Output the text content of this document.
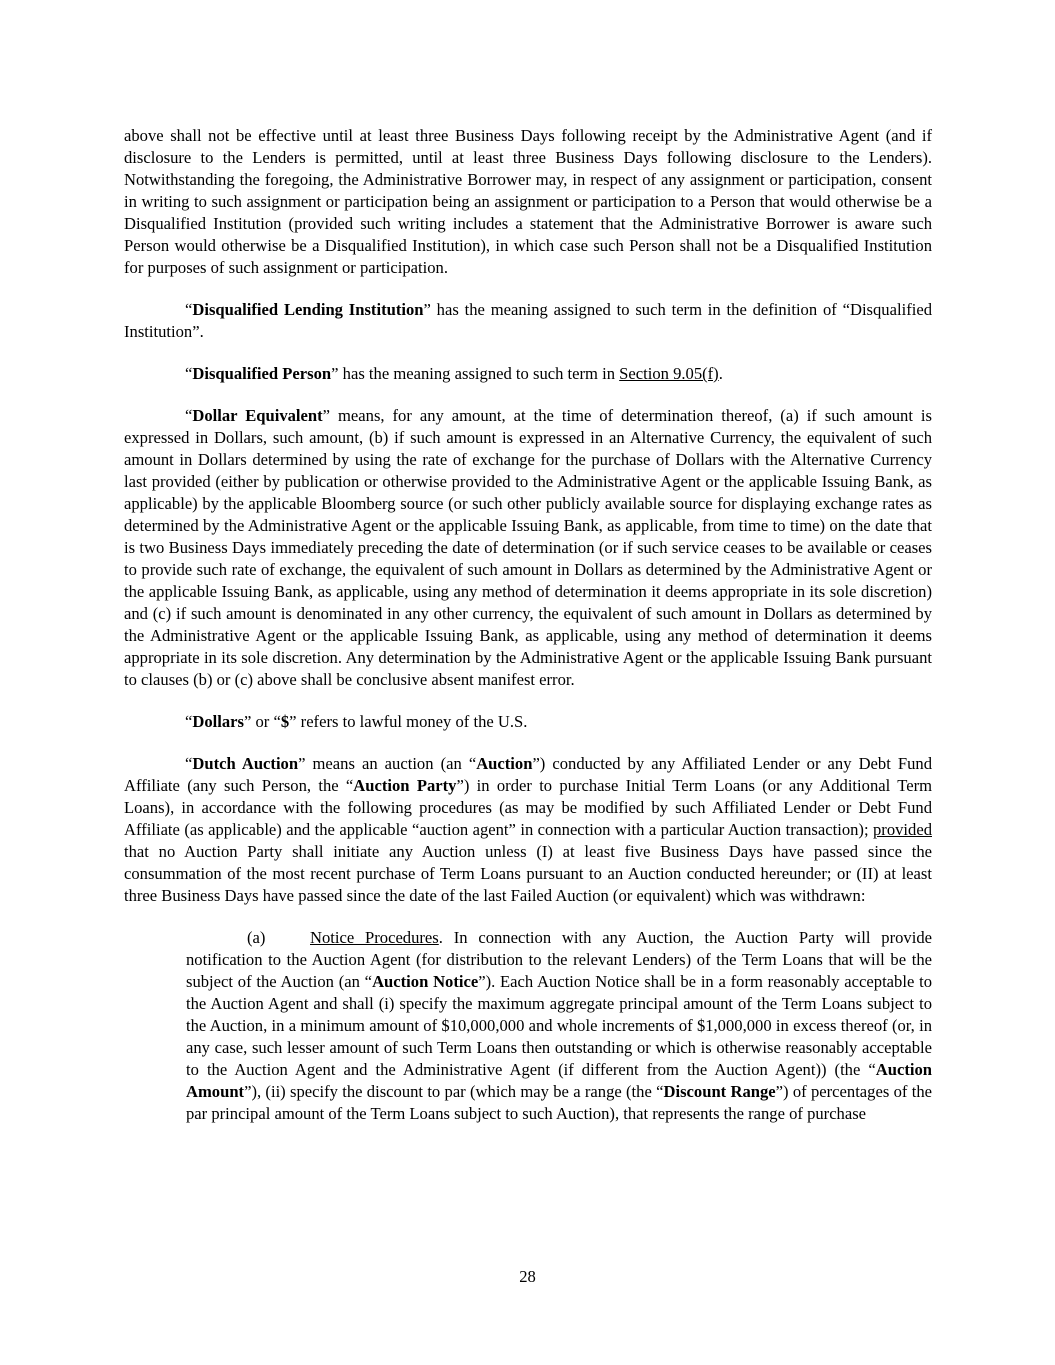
above shall not be effective until at least three Business Days following receipt by the Administrative Agent (and if disclosure to the Lenders is permitted, until at least three Business Days following disclosure to the Lenders). Notwithstanding the foregoing, the Administrative Borrower may, in respect of any assignment or participation, consent in writing to such assignment or participation being an assignment or participation to a Person that would otherwise be a Disqualified Institution (provided such writing includes a statement that the Administrative Borrower is aware such Person would otherwise be a Disqualified Institution), in which case such Person shall not be a Disqualified Institution for purposes of such assignment or participation.

“Disqualified Lending Institution” has the meaning assigned to such term in the definition of “Disqualified Institution”.

“Disqualified Person” has the meaning assigned to such term in Section 9.05(f).

“Dollar Equivalent” means, for any amount, at the time of determination thereof, (a) if such amount is expressed in Dollars, such amount, (b) if such amount is expressed in an Alternative Currency, the equivalent of such amount in Dollars determined by using the rate of exchange for the purchase of Dollars with the Alternative Currency last provided (either by publication or otherwise provided to the Administrative Agent or the applicable Issuing Bank, as applicable) by the applicable Bloomberg source (or such other publicly available source for displaying exchange rates as determined by the Administrative Agent or the applicable Issuing Bank, as applicable, from time to time) on the date that is two Business Days immediately preceding the date of determination (or if such service ceases to be available or ceases to provide such rate of exchange, the equivalent of such amount in Dollars as determined by the Administrative Agent or the applicable Issuing Bank, as applicable, using any method of determination it deems appropriate in its sole discretion) and (c) if such amount is denominated in any other currency, the equivalent of such amount in Dollars as determined by the Administrative Agent or the applicable Issuing Bank, as applicable, using any method of determination it deems appropriate in its sole discretion. Any determination by the Administrative Agent or the applicable Issuing Bank pursuant to clauses (b) or (c) above shall be conclusive absent manifest error.

“Dollars” or “$” refers to lawful money of the U.S.

“Dutch Auction” means an auction (an “Auction”) conducted by any Affiliated Lender or any Debt Fund Affiliate (any such Person, the “Auction Party”) in order to purchase Initial Term Loans (or any Additional Term Loans), in accordance with the following procedures (as may be modified by such Affiliated Lender or Debt Fund Affiliate (as applicable) and the applicable “auction agent” in connection with a particular Auction transaction); provided that no Auction Party shall initiate any Auction unless (I) at least five Business Days have passed since the consummation of the most recent purchase of Term Loans pursuant to an Auction conducted hereunder; or (II) at least three Business Days have passed since the date of the last Failed Auction (or equivalent) which was withdrawn:

(a)	Notice Procedures. In connection with any Auction, the Auction Party will provide notification to the Auction Agent (for distribution to the relevant Lenders) of the Term Loans that will be the subject of the Auction (an “Auction Notice”). Each Auction Notice shall be in a form reasonably acceptable to the Auction Agent and shall (i) specify the maximum aggregate principal amount of the Term Loans subject to the Auction, in a minimum amount of $10,000,000 and whole increments of $1,000,000 in excess thereof (or, in any case, such lesser amount of such Term Loans then outstanding or which is otherwise reasonably acceptable to the Auction Agent and the Administrative Agent (if different from the Auction Agent)) (the “Auction Amount”), (ii) specify the discount to par (which may be a range (the “Discount Range”) of percentages of the par principal amount of the Term Loans subject to such Auction), that represents the range of purchase

28
